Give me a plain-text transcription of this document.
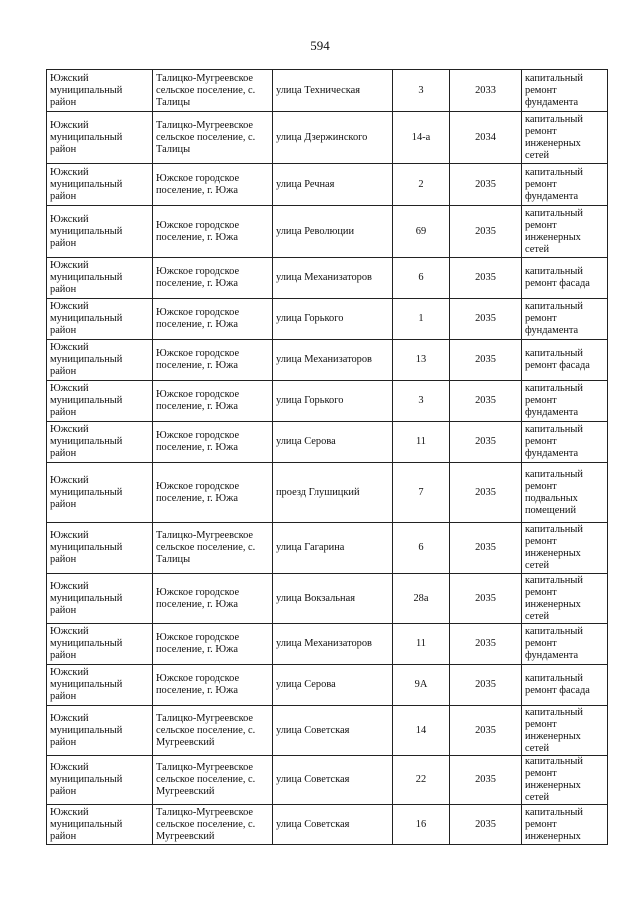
594
Южский муниципальный район	Талицко-Мугреевское сельское поселение, с. Талицы	улица Техническая	3	2033	капитальный ремонт фундамента
Южский муниципальный район	Талицко-Мугреевское сельское поселение, с. Талицы	улица Дзержинского	14-а	2034	капитальный ремонт инженерных сетей
Южский муниципальный район	Южское городское поселение, г. Южа	улица Речная	2	2035	капитальный ремонт фундамента
Южский муниципальный район	Южское городское поселение, г. Южа	улица Революции	69	2035	капитальный ремонт инженерных сетей
Южский муниципальный район	Южское городское поселение, г. Южа	улица Механизаторов	6	2035	капитальный ремонт фасада
Южский муниципальный район	Южское городское поселение, г. Южа	улица Горького	1	2035	капитальный ремонт фундамента
Южский муниципальный район	Южское городское поселение, г. Южа	улица Механизаторов	13	2035	капитальный ремонт фасада
Южский муниципальный район	Южское городское поселение, г. Южа	улица Горького	3	2035	капитальный ремонт фундамента
Южский муниципальный район	Южское городское поселение, г. Южа	улица Серова	11	2035	капитальный ремонт фундамента
Южский муниципальный район	Южское городское поселение, г. Южа	проезд Глушицкий	7	2035	капитальный ремонт подвальных помещений
Южский муниципальный район	Талицко-Мугреевское сельское поселение, с. Талицы	улица Гагарина	6	2035	капитальный ремонт инженерных сетей
Южский муниципальный район	Южское городское поселение, г. Южа	улица Вокзальная	28а	2035	капитальный ремонт инженерных сетей
Южский муниципальный район	Южское городское поселение, г. Южа	улица Механизаторов	11	2035	капитальный ремонт фундамента
Южский муниципальный район	Южское городское поселение, г. Южа	улица Серова	9А	2035	капитальный ремонт фасада
Южский муниципальный район	Талицко-Мугреевское сельское поселение, с. Мугреевский	улица Советская	14	2035	капитальный ремонт инженерных сетей
Южский муниципальный район	Талицко-Мугреевское сельское поселение, с. Мугреевский	улица Советская	22	2035	капитальный ремонт инженерных сетей
Южский муниципальный район	Талицко-Мугреевское сельское поселение, с. Мугреевский	улица Советская	16	2035	капитальный ремонт инженерных
